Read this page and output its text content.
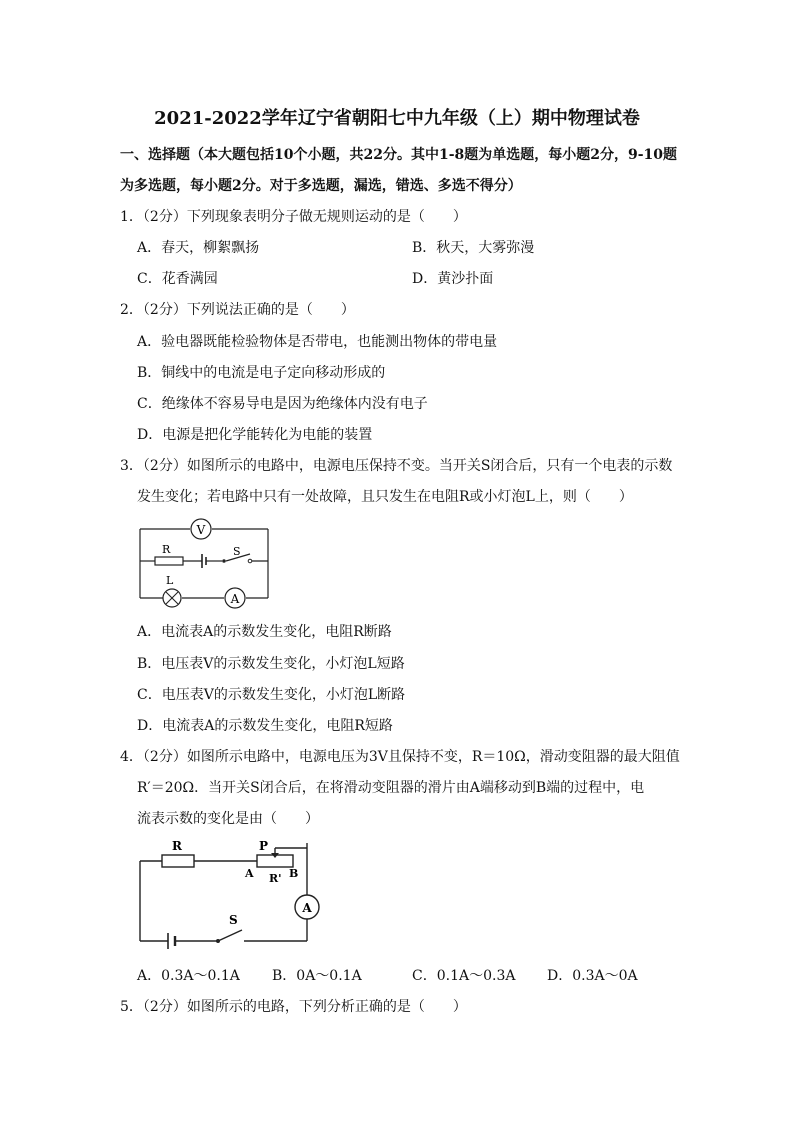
2021-2022学年辽宁省朝阳七中九年级（上）期中物理试卷
一、选择题（本大题包括10个小题，共22分。其中1-8题为单选题，每小题2分，9-10题
为多选题，每小题2分。对于多选题，漏选，错选、多选不得分）
1．（2分）下列现象表明分子做无规则运动的是（　　）
A．春天，柳絮飘扬	B．秋天，大雾弥漫
C．花香满园	D．黄沙扑面
2．（2分）下列说法正确的是（　　）
A．验电器既能检验物体是否带电，也能测出物体的带电量
B．铜线中的电流是电子定向移动形成的
C．绝缘体不容易导电是因为绝缘体内没有电子
D．电源是把化学能转化为电能的装置
3．（2分）如图所示的电路中，电源电压保持不变。当开关S闭合后，只有一个电表的示数
发生变化；若电路中只有一处故障，且只发生在电阻R或小灯泡L上，则（　　）
V
A
R	S
L
A．电流表A的示数发生变化，电阻R断路
B．电压表V的示数发生变化，小灯泡L短路
C．电压表V的示数发生变化，小灯泡L断路
D．电流表A的示数发生变化，电阻R短路
4．（2分）如图所示电路中，电源电压为3V且保持不变，R＝10Ω，滑动变阻器的最大阻值
R′＝20Ω．当开关S闭合后，在将滑动变阻器的滑片由A端移动到B端的过程中，电
流表示数的变化是由（　　）
A
R	P
A R' B
S
A．0.3A～0.1A B．0A～0.1A	C．0.1A～0.3A D．0.3A～0A
5．（2分）如图所示的电路，下列分析正确的是（　　）
